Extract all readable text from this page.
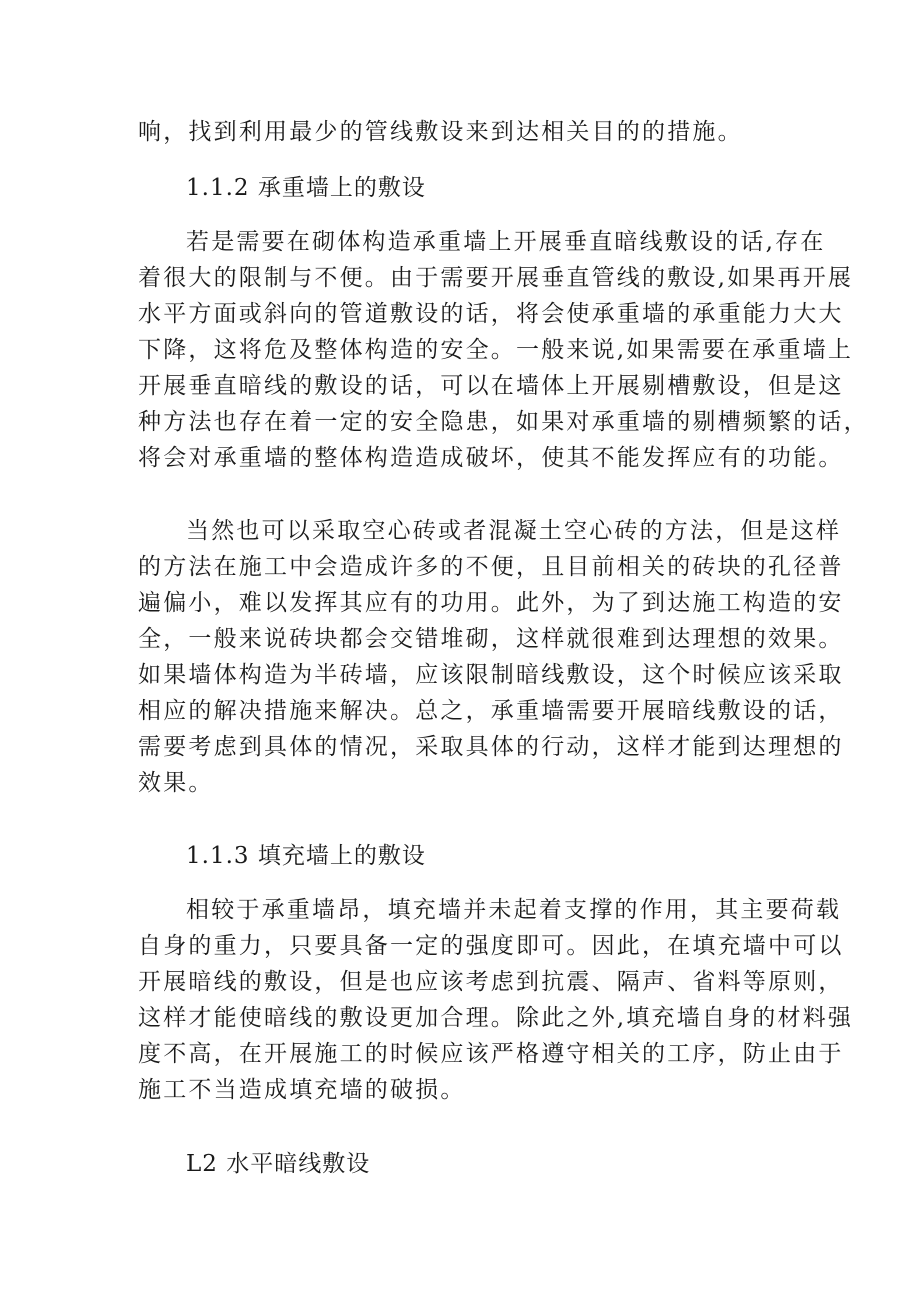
响，找到利用最少的管线敷设来到达相关目的的措施。
1.1.2 承重墙上的敷设
若是需要在砌体构造承重墙上开展垂直暗线敷设的话,存在
着很大的限制与不便。由于需要开展垂直管线的敷设,如果再开展
水平方面或斜向的管道敷设的话，将会使承重墙的承重能力大大
下降，这将危及整体构造的安全。一般来说,如果需要在承重墙上
开展垂直暗线的敷设的话，可以在墙体上开展剔槽敷设，但是这
种方法也存在着一定的安全隐患，如果对承重墙的剔槽频繁的话，
将会对承重墙的整体构造造成破坏，使其不能发挥应有的功能。
当然也可以采取空心砖或者混凝土空心砖的方法，但是这样
的方法在施工中会造成许多的不便，且目前相关的砖块的孔径普
遍偏小，难以发挥其应有的功用。此外，为了到达施工构造的安
全，一般来说砖块都会交错堆砌，这样就很难到达理想的效果。
如果墙体构造为半砖墙，应该限制暗线敷设，这个时候应该采取
相应的解决措施来解决。总之，承重墙需要开展暗线敷设的话，
需要考虑到具体的情况，采取具体的行动，这样才能到达理想的
效果。
1.1.3 填充墙上的敷设
相较于承重墙昂，填充墙并未起着支撑的作用，其主要荷载
自身的重力，只要具备一定的强度即可。因此，在填充墙中可以
开展暗线的敷设，但是也应该考虑到抗震、隔声、省料等原则，
这样才能使暗线的敷设更加合理。除此之外,填充墙自身的材料强
度不高，在开展施工的时候应该严格遵守相关的工序，防止由于
施工不当造成填充墙的破损。
L2 水平暗线敷设
